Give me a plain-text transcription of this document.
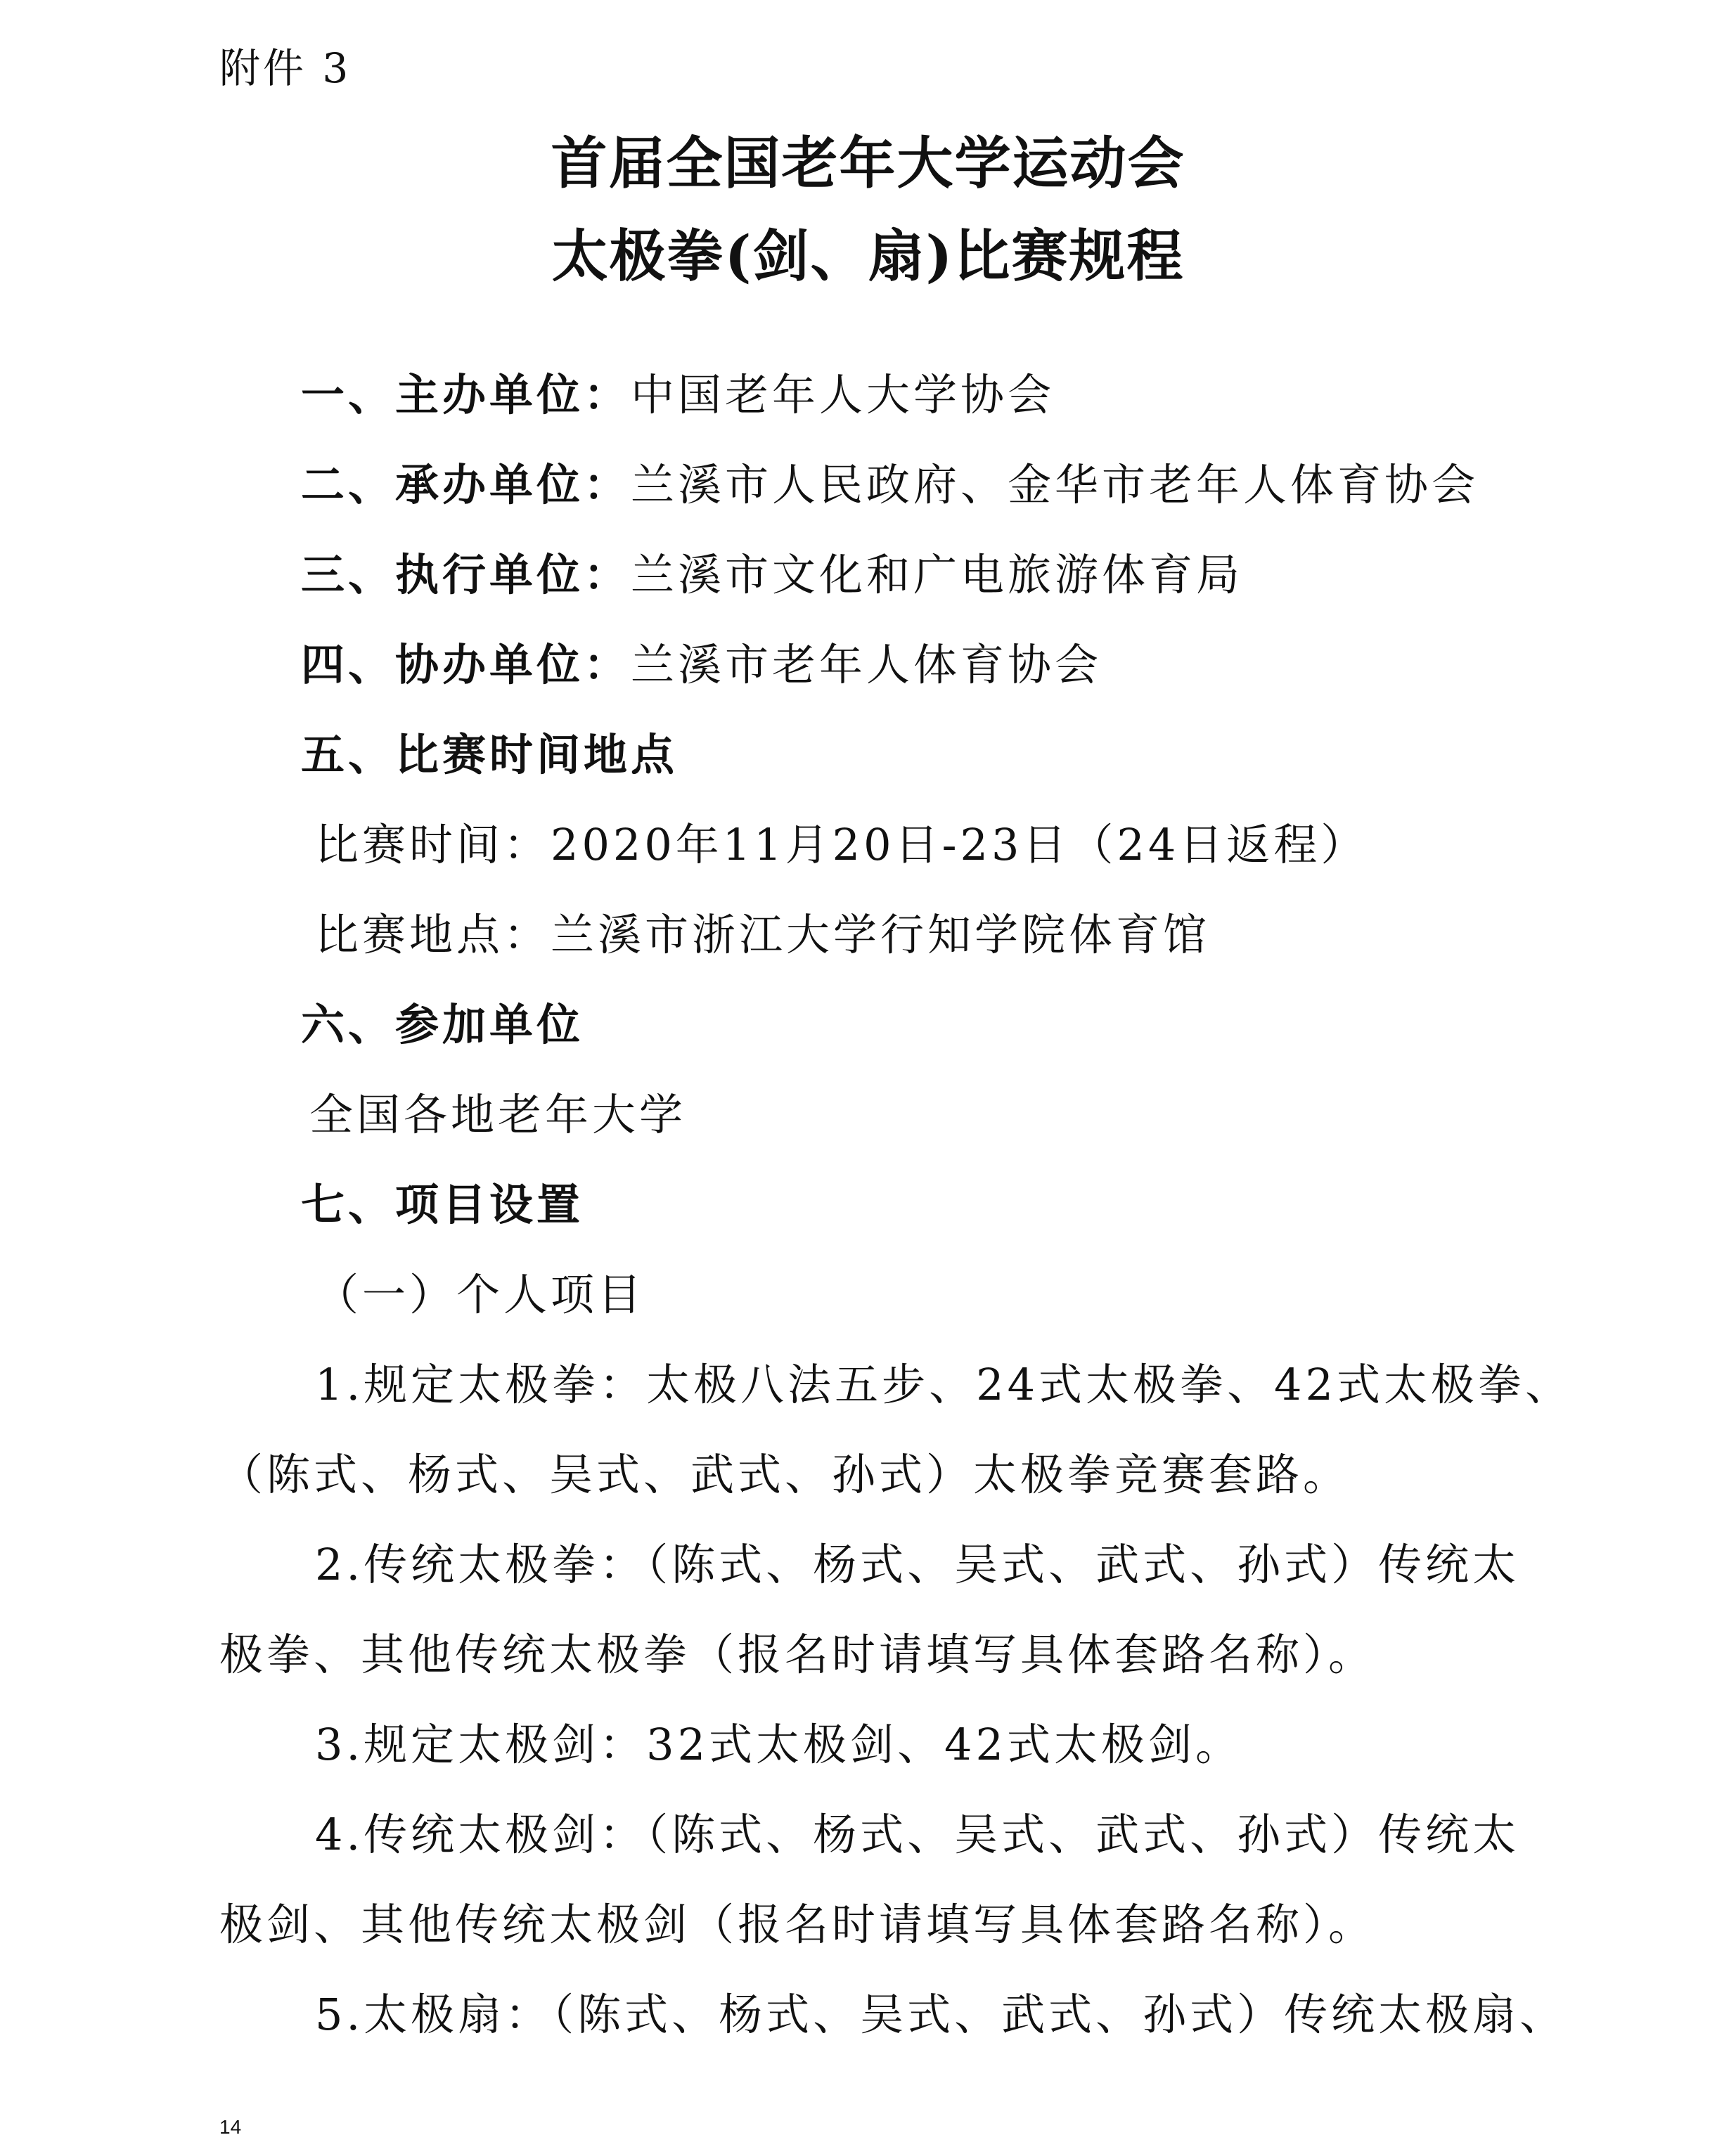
附件 3
首届全国老年大学运动会
太极拳(剑、扇)比赛规程
一、主办单位：中国老年人大学协会
二、承办单位：兰溪市人民政府、金华市老年人体育协会
三、执行单位：兰溪市文化和广电旅游体育局
四、协办单位：兰溪市老年人体育协会
五、比赛时间地点
比赛时间：2020年11月20日-23日（24日返程）
比赛地点：兰溪市浙江大学行知学院体育馆
六、参加单位
全国各地老年大学
七、项目设置
（一）个人项目
1.规定太极拳：太极八法五步、24式太极拳、42式太极拳、
（陈式、杨式、吴式、武式、孙式）太极拳竞赛套路。
2.传统太极拳：（陈式、杨式、吴式、武式、孙式）传统太
极拳、其他传统太极拳（报名时请填写具体套路名称）。
3.规定太极剑：32式太极剑、42式太极剑。
4.传统太极剑：（陈式、杨式、吴式、武式、孙式）传统太
极剑、其他传统太极剑（报名时请填写具体套路名称）。
5.太极扇：（陈式、杨式、吴式、武式、孙式）传统太极扇、
14
